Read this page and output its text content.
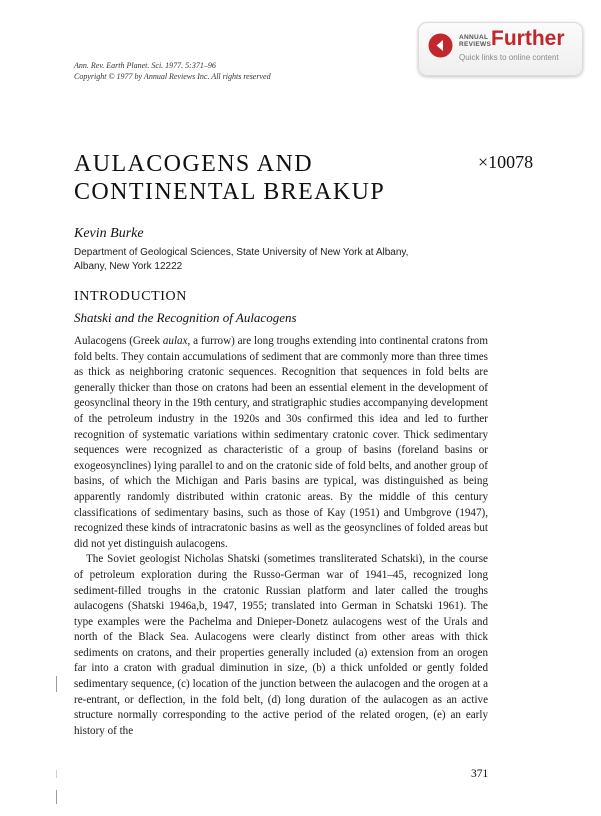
Ann. Rev. Earth Planet. Sci. 1977. 5:371–96
Copyright © 1977 by Annual Reviews Inc. All rights reserved
ANNUAL REVIEWS Further
Quick links to online content
AULACOGENS AND
CONTINENTAL BREAKUP
×10078
Kevin Burke
Department of Geological Sciences, State University of New York at Albany,
Albany, New York 12222
INTRODUCTION
Shatski and the Recognition of Aulacogens

Aulacogens (Greek aulax, a furrow) are long troughs extending into continental cratons from fold belts. They contain accumulations of sediment that are commonly more than three times as thick as neighboring cratonic sequences. Recognition that sequences in fold belts are generally thicker than those on cratons had been an essential element in the development of geosynclinal theory in the 19th century, and stratigraphic studies accompanying development of the petroleum industry in the 1920s and 30s confirmed this idea and led to further recognition of systematic variations within sedimentary cratonic cover. Thick sedimentary sequences were recognized as characteristic of a group of basins (foreland basins or exogeosynclines) lying parallel to and on the cratonic side of fold belts, and another group of basins, of which the Michigan and Paris basins are typical, was distinguished as being apparently randomly distributed within cratonic areas. By the middle of this century classifications of sedimentary basins, such as those of Kay (1951) and Umbgrove (1947), recognized these kinds of intracratonic basins as well as the geosynclines of folded areas but did not yet distinguish aulacogens.

The Soviet geologist Nicholas Shatski (sometimes transliterated Schatski), in the course of petroleum exploration during the Russo-German war of 1941–45, recognized long sediment-filled troughs in the cratonic Russian platform and later called the troughs aulacogens (Shatski 1946a,b, 1947, 1955; translated into German in Schatski 1961). The type examples were the Pachelma and Dnieper-Donetz aulacogens west of the Urals and north of the Black Sea. Aulacogens were clearly distinct from other areas with thick sediments on cratons, and their properties generally included (a) extension from an orogen far into a craton with gradual diminution in size, (b) a thick unfolded or gently folded sedimentary sequence, (c) location of the junction between the aulacogen and the orogen at a re-entrant, or deflection, in the fold belt, (d) long duration of the aulacogen as an active structure normally corresponding to the active period of the related orogen, (e) an early history of the

371
